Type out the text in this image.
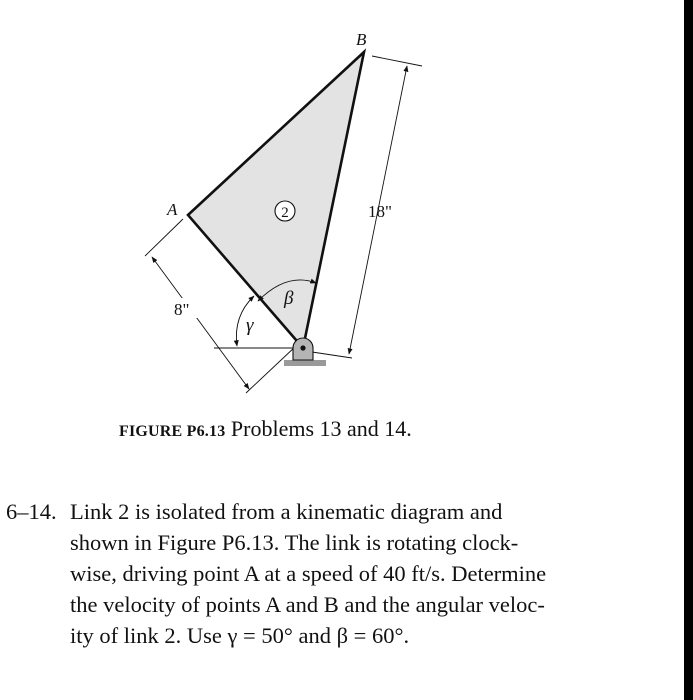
18"
8"
β
γ
A
B
2
FIGURE P6.13 Problems 13 and 14.
6–14. Link 2 is isolated from a kinematic diagram and
shown in Figure P6.13. The link is rotating clock-
wise, driving point A at a speed of 40 ft/s. Determine
the velocity of points A and B and the angular veloc-
ity of link 2. Use γ = 50° and β = 60°.
